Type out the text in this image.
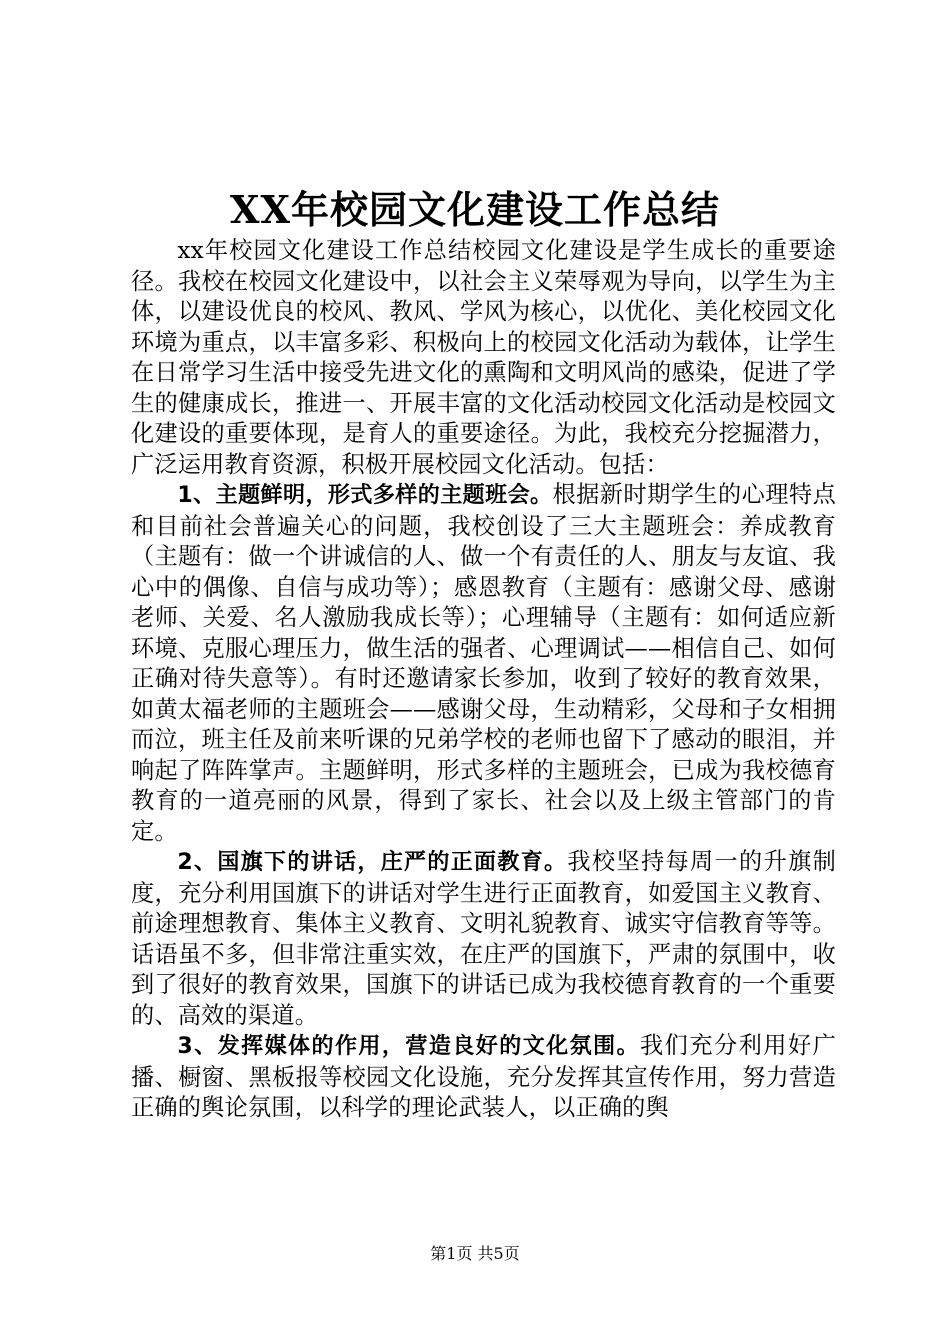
XX年校园文化建设工作总结

xx年校园文化建设工作总结校园文化建设是学生成长的重要途径。我校在校园文化建设中，以社会主义荣辱观为导向，以学生为主体，以建设优良的校风、教风、学风为核心，以优化、美化校园文化环境为重点，以丰富多彩、积极向上的校园文化活动为载体，让学生在日常学习生活中接受先进文化的熏陶和文明风尚的感染，促进了学生的健康成长，推进一、开展丰富的文化活动校园文化活动是校园文化建设的重要体现，是育人的重要途径。为此，我校充分挖掘潜力，广泛运用教育资源，积极开展校园文化活动。包括：

1、主题鲜明，形式多样的主题班会。根据新时期学生的心理特点和目前社会普遍关心的问题，我校创设了三大主题班会：养成教育（主题有：做一个讲诚信的人、做一个有责任的人、朋友与友谊、我心中的偶像、自信与成功等）；感恩教育（主题有：感谢父母、感谢老师、关爱、名人激励我成长等）；心理辅导（主题有：如何适应新环境、克服心理压力，做生活的强者、心理调试——相信自己、如何正确对待失意等）。有时还邀请家长参加，收到了较好的教育效果，如黄太福老师的主题班会——感谢父母，生动精彩，父母和子女相拥而泣，班主任及前来听课的兄弟学校的老师也留下了感动的眼泪，并响起了阵阵掌声。主题鲜明，形式多样的主题班会，已成为我校德育教育的一道亮丽的风景，得到了家长、社会以及上级主管部门的肯定。

2、国旗下的讲话，庄严的正面教育。我校坚持每周一的升旗制度，充分利用国旗下的讲话对学生进行正面教育，如爱国主义教育、前途理想教育、集体主义教育、文明礼貌教育、诚实守信教育等等。话语虽不多，但非常注重实效，在庄严的国旗下，严肃的氛围中，收到了很好的教育效果，国旗下的讲话已成为我校德育教育的一个重要的、高效的渠道。

3、发挥媒体的作用，营造良好的文化氛围。我们充分利用好广播、橱窗、黑板报等校园文化设施，充分发挥其宣传作用，努力营造正确的舆论氛围，以科学的理论武装人，以正确的舆

第1页 共5页
